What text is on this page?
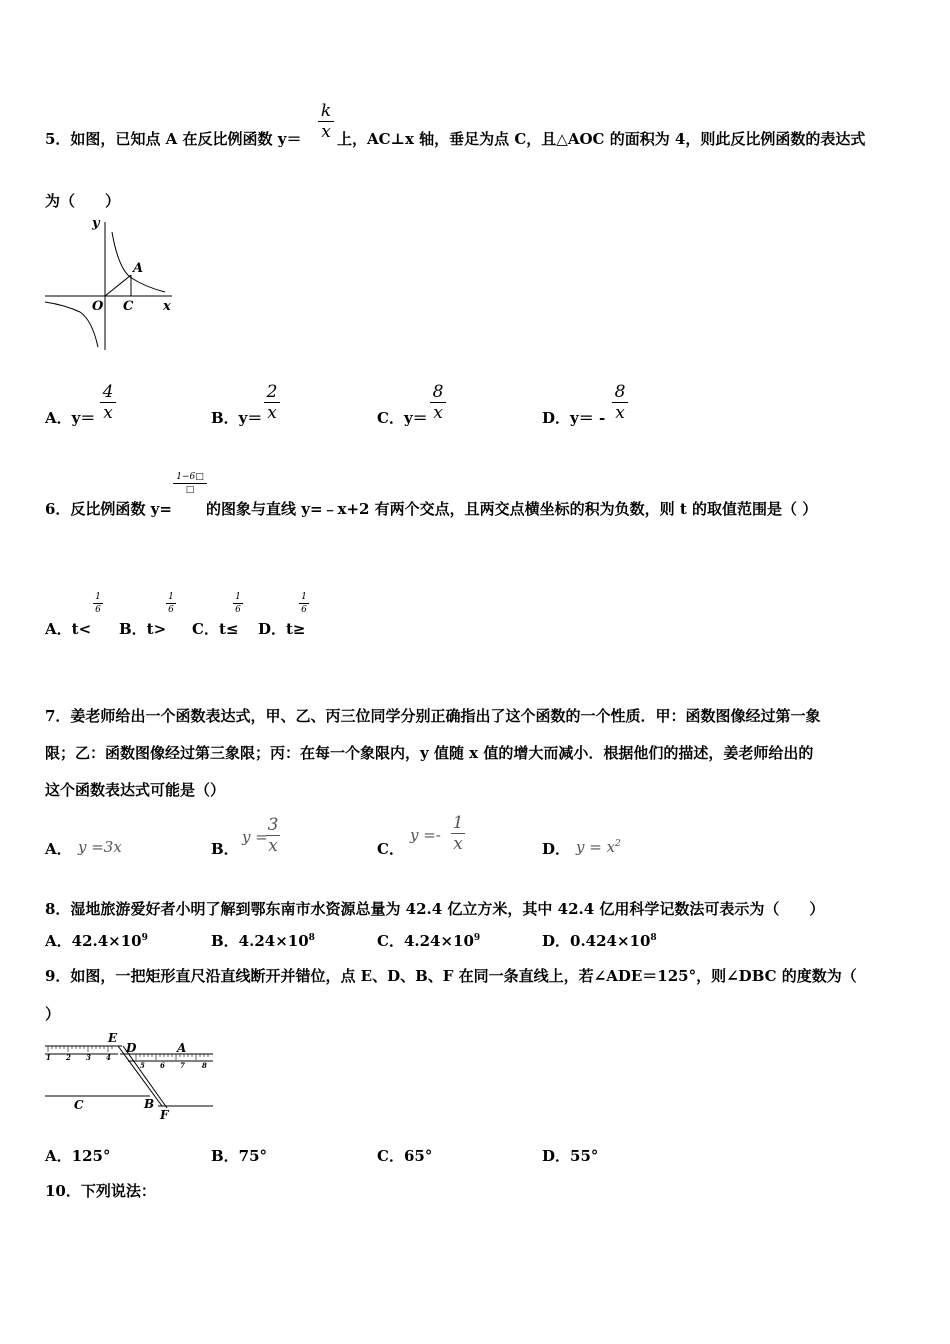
5．如图，已知点 A 在反比例函数 y＝
k
x 上，AC⊥x 轴，垂足为点 C，且△AOC 的面积为 4，则此反比例函数的表达式
为（　　）
y
A
O C x
A．y＝
4
x	B．y＝
2
x	C．y＝
8
x	D．y＝ -
8
x
6．反比例函数 y=
1−6□
□
的图象与直线 y=﹣x+2 有两个交点，且两交点横坐标的积为负数，则 t 的取值范围是（ ）
A．t<
1
6
B．t>
1
6
C．t≤
1
6
D．t≥
1
6
7．姜老师给出一个函数表达式，甲、乙、丙三位同学分别正确指出了这个函数的一个性质．甲：函数图像经过第一象
限；乙：函数图像经过第三象限；丙：在每一个象限内，y 值随 x 值的增大而减小．根据他们的描述，姜老师给出的
这个函数表达式可能是（）
A． y =3x	B．
y =
3
x	C．
y =-
1
x	D． $y = x^2$
8．湿地旅游爱好者小明了解到鄂东南市水资源总量为 42.4 亿立方米，其中 42.4 亿用科学记数法可表示为（　　）
A．$42.4\times 10^9$	B．$4.24\times 10^8$	C．$4.24\times 10^9$	D．$0.424\times 10^8$
9．如图，一把矩形直尺沿直线断开并错位，点 E、D、B、F 在同一条直线上，若∠ADE＝125°，则∠DBC 的度数为（
）
1 2 3 4
5 6 7 8
E
D	A
C	B
F
A．125°	B．75°	C．65°	D．55°
10．下列说法：
